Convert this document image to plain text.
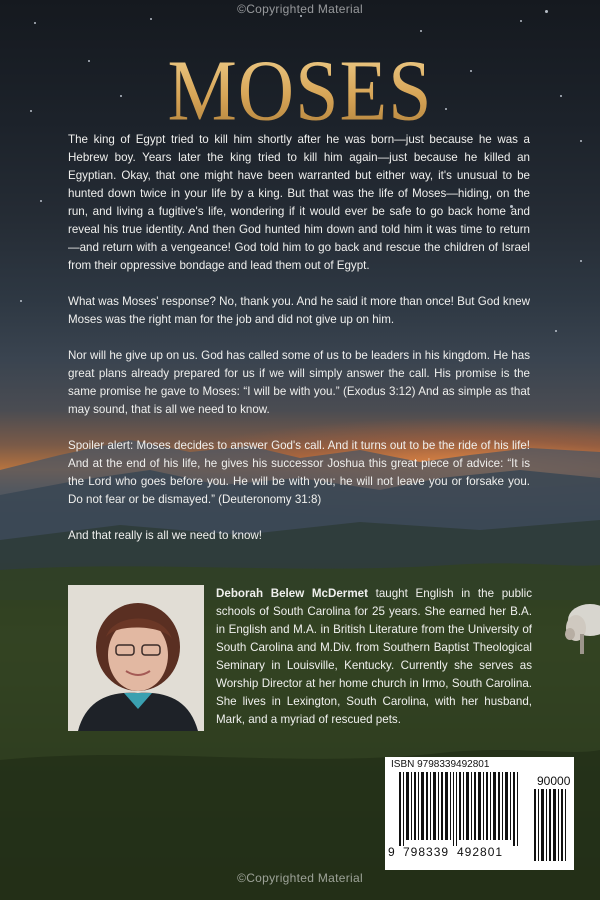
©Copyrighted Material
MOSES

The king of Egypt tried to kill him shortly after he was born—just because he was a Hebrew boy. Years later the king tried to kill him again—just because he killed an Egyptian. Okay, that one might have been warranted but either way, it's unusual to be hunted down twice in your life by a king. But that was the life of Moses—hiding, on the run, and living a fugitive's life, wondering if it would ever be safe to go back home and reveal his true identity. And then God hunted him down and told him it was time to return—and return with a vengeance! God told him to go back and rescue the children of Israel from their oppressive bondage and lead them out of Egypt.

What was Moses' response? No, thank you. And he said it more than once! But God knew Moses was the right man for the job and did not give up on him.

Nor will he give up on us. God has called some of us to be leaders in his kingdom. He has great plans already prepared for us if we will simply answer the call. His promise is the same promise he gave to Moses: “I will be with you.” (Exodus 3:12) And as simple as that may sound, that is all we need to know.

Spoiler alert: Moses decides to answer God's call. And it turns out to be the ride of his life! And at the end of his life, he gives his successor Joshua this great piece of advice: “It is the Lord who goes before you. He will be with you; he will not leave you or forsake you. Do not fear or be dismayed.” (Deuteronomy 31:8)

And that really is all we need to know!

Deborah Belew McDermet taught English in the public schools of South Carolina for 25 years. She earned her B.A. in English and M.A. in British Literature from the University of South Carolina and M.Div. from Southern Baptist Theological Seminary in Louisville, Kentucky. Currently she serves as Worship Director at her home church in Irmo, South Carolina. She lives in Lexington, South Carolina, with her husband, Mark, and a myriad of rescued pets.
ISBN 9798339492801
9 798339 492801
90000
©Copyrighted Material
